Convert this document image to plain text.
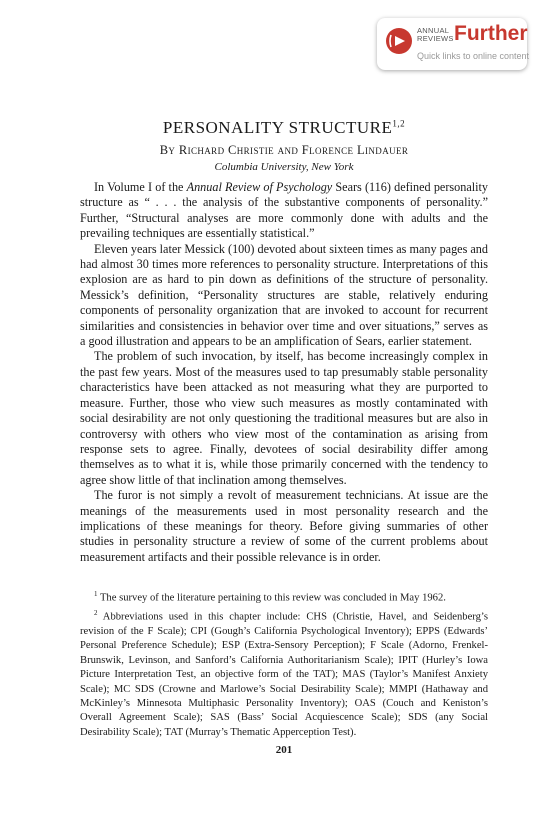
ANNUAL
REVIEWS Further
Quick links to online content
PERSONALITY STRUCTURE$^{1,2}$
By Richard Christie and Florence Lindauer
Columbia University, New York

In Volume I of the Annual Review of Psychology Sears (116) defined personality structure as “ . . . the analysis of the substantive components of personality.” Further, “Structural analyses are more commonly done with adults and the prevailing techniques are essentially statistical.”

Eleven years later Messick (100) devoted about sixteen times as many pages and had almost 30 times more references to personality structure. Interpretations of this explosion are as hard to pin down as definitions of the structure of personality. Messick’s definition, “Personality structures are stable, relatively enduring components of personality organization that are invoked to account for recurrent similarities and consistencies in behavior over time and over situations,” serves as a good illustration and appears to be an amplification of Sears, earlier statement.

The problem of such invocation, by itself, has become increasingly complex in the past few years. Most of the measures used to tap presumably stable personality characteristics have been attacked as not measuring what they are purported to measure. Further, those who view such measures as mostly contaminated with social desirability are not only questioning the traditional measures but are also in controversy with others who view most of the contamination as arising from response sets to agree. Finally, devotees of social desirability differ among themselves as to what it is, while those primarily concerned with the tendency to agree show little of that inclination among themselves.

The furor is not simply a revolt of measurement technicians. At issue are the meanings of the measurements used in most personality research and the implications of these meanings for theory. Before giving summaries of other studies in personality structure a review of some of the current problems about measurement artifacts and their possible relevance is in order.

$^1$ The survey of the literature pertaining to this review was concluded in May 1962.

$^2$ Abbreviations used in this chapter include: CHS (Christie, Havel, and Seidenberg’s revision of the F Scale); CPI (Gough’s California Psychological Inventory); EPPS (Edwards’ Personal Preference Schedule); ESP (Extra-Sensory Perception); F Scale (Adorno, Frenkel-Brunswik, Levinson, and Sanford’s California Authoritarianism Scale); IPIT (Hurley’s Iowa Picture Interpretation Test, an objective form of the TAT); MAS (Taylor’s Manifest Anxiety Scale); MC SDS (Crowne and Marlowe’s Social Desirability Scale); MMPI (Hathaway and McKinley’s Minnesota Multiphasic Personality Inventory); OAS (Couch and Keniston’s Overall Agreement Scale); SAS (Bass’ Social Acquiescence Scale); SDS (any Social Desirability Scale); TAT (Murray’s Thematic Apperception Test).

201
